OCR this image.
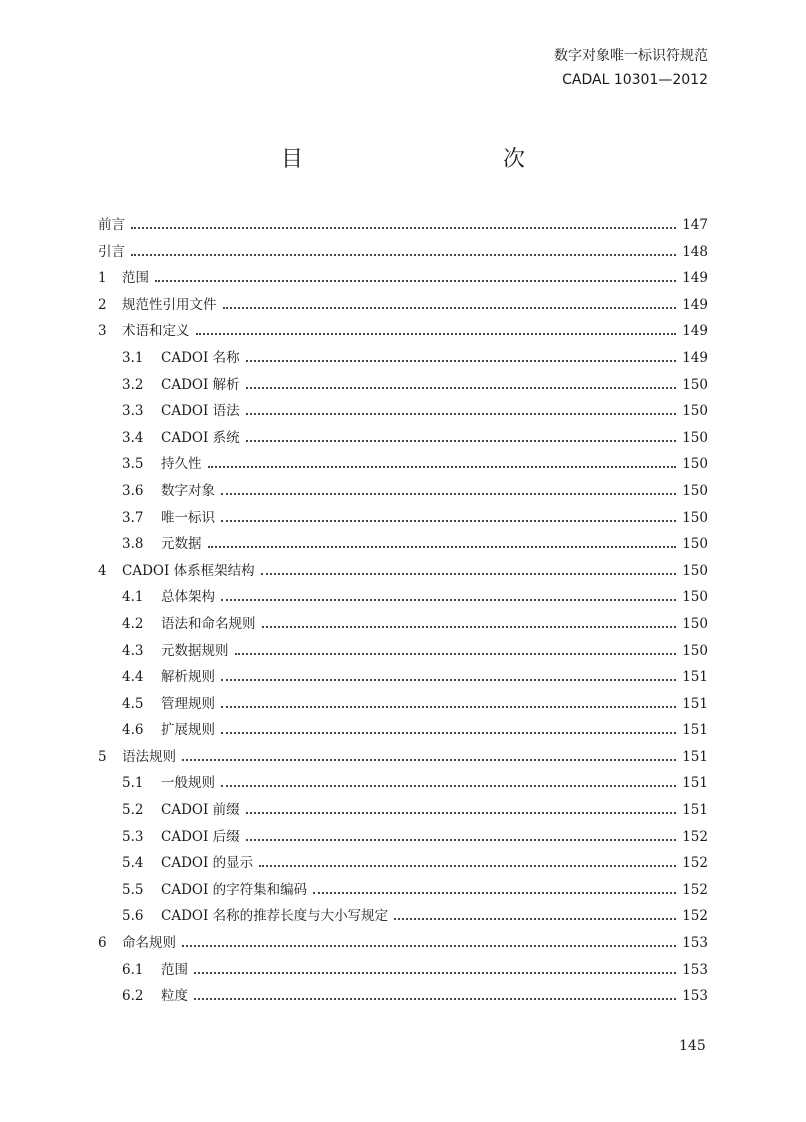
数字对象唯一标识符规范
CADAL 10301—2012
目　　次
前言	147
引言	148
1	范围	149
2	规范性引用文件	149
3	术语和定义	149
3.1	CADOI 名称	149
3.2	CADOI 解析	150
3.3	CADOI 语法	150
3.4	CADOI 系统	150
3.5	持久性	150
3.6	数字对象	150
3.7	唯一标识	150
3.8	元数据	150
4	CADOI 体系框架结构	150
4.1	总体架构	150
4.2	语法和命名规则	150
4.3	元数据规则	150
4.4	解析规则	151
4.5	管理规则	151
4.6	扩展规则	151
5	语法规则	151
5.1	一般规则	151
5.2	CADOI 前缀	151
5.3	CADOI 后缀	152
5.4	CADOI 的显示	152
5.5	CADOI 的字符集和编码	152
5.6	CADOI 名称的推荐长度与大小写规定	152
6	命名规则	153
6.1	范围	153
6.2	粒度	153
145
